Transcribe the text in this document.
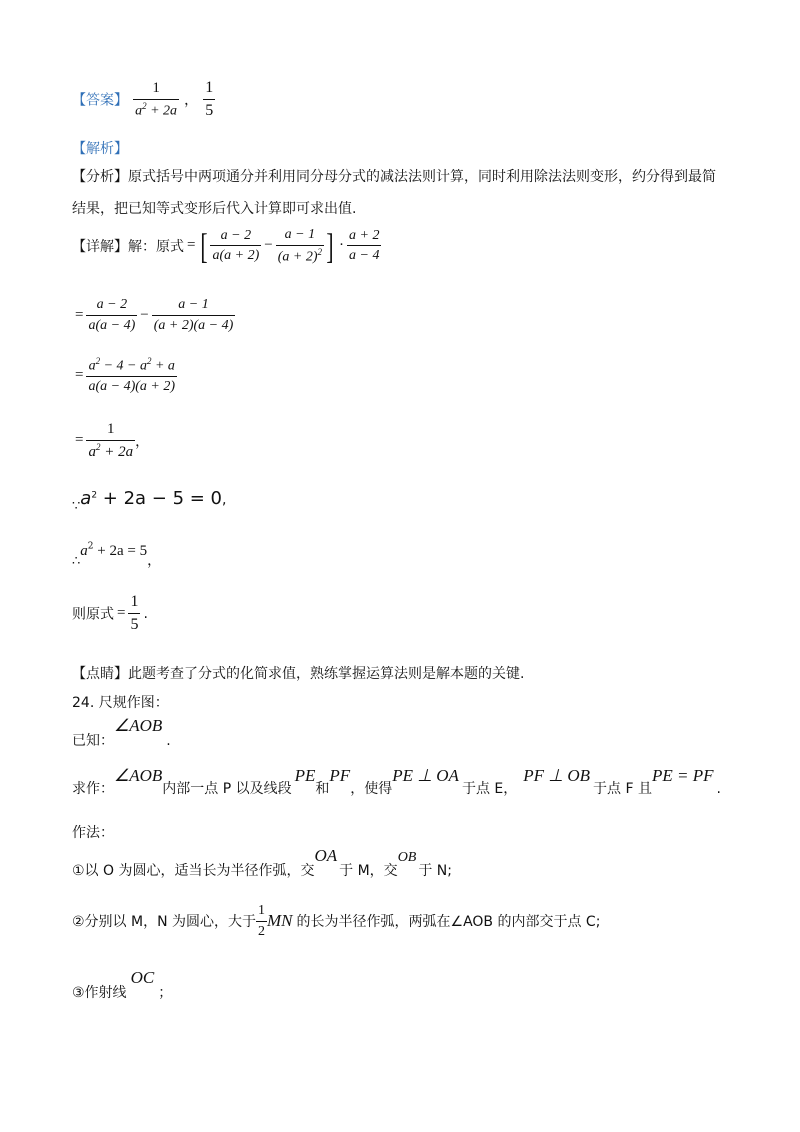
【答案】 $\frac{1}{a^2 + 2a}$ ， $\frac{1}{5}$
【解析】
【分析】原式括号中两项通分并利用同分母分式的减法法则计算，同时利用除法法则变形，约分得到最简
结果，把已知等式变形后代入计算即可求出值.
【详解】解：原式 = [ $\frac{a - 2}{a(a + 2)} - \frac{a - 1}{(a + 2)^2}$ ] · $\frac{a + 2}{a - 4}$
= $\frac{a - 2}{a(a - 4)} - \frac{a - 1}{(a + 2)(a - 4)}$
= $\frac{a^2 - 4 - a^2 + a}{a(a - 4)(a + 2)}$
= $\frac{1}{a^2 + 2a}$ ，
$_\because a^2 + 2a - 5 = 0$,
$_\therefore a^2 + 2a = 5$，
则原式 = $\frac{1}{5}$ .
【点睛】此题考查了分式的化简求值，熟练掌握运算法则是解本题的关键.
24. 尺规作图：
已知：∠AOB.
求作：∠AOB内部一点 P 以及线段PE和PF，使得PE ⊥ OA于点 E，PF ⊥ OB于点 F 且PE = PF.
作法：
①以 O 为圆心，适当长为半径作弧，交OA于 M，交OB于 N;
②分别以 M，N 为圆心，大于 $\frac{1}{2}$ MN 的长为半径作弧，两弧在∠AOB 的内部交于点 C;
③作射线OC；
